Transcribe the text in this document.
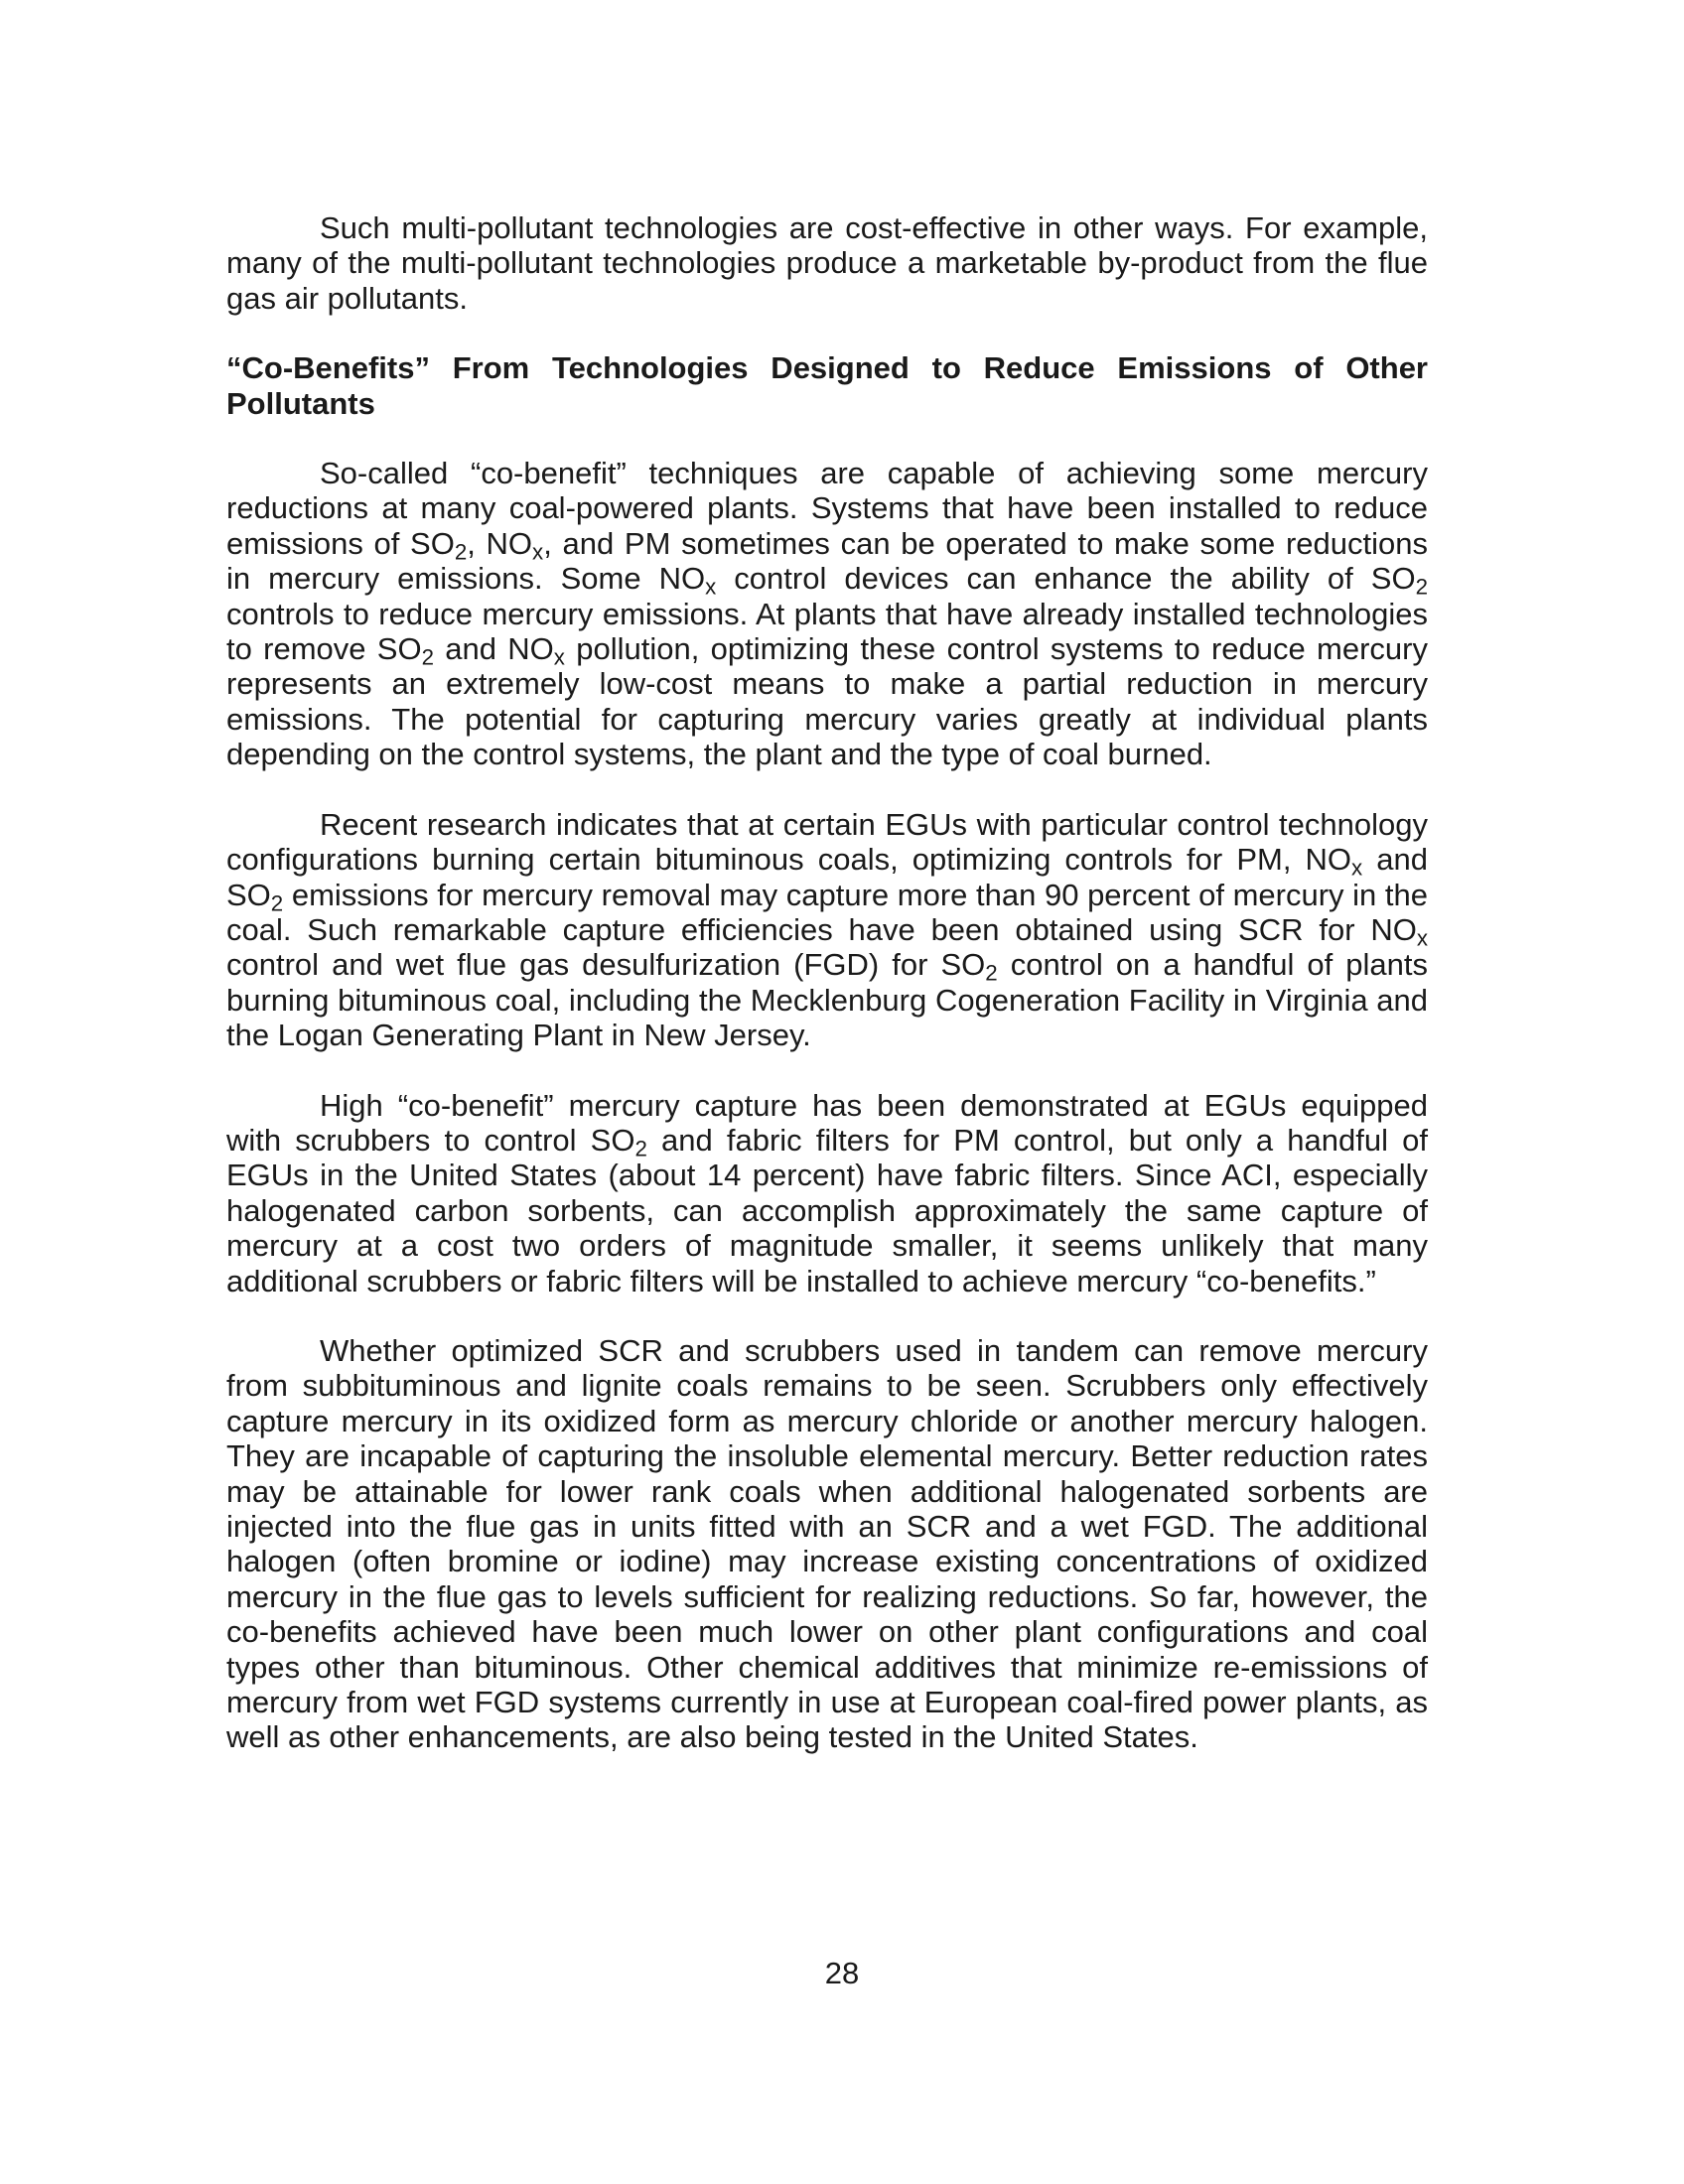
Such multi-pollutant technologies are cost-effective in other ways. For example, many of the multi-pollutant technologies produce a marketable by-product from the flue gas air pollutants.

“Co-Benefits” From Technologies Designed to Reduce Emissions of Other Pollutants

So-called “co-benefit” techniques are capable of achieving some mercury reductions at many coal-powered plants. Systems that have been installed to reduce emissions of $SO_2$, $NO_x$, and PM sometimes can be operated to make some reductions in mercury emissions. Some $NO_x$ control devices can enhance the ability of $SO_2$ controls to reduce mercury emissions. At plants that have already installed technologies to remove $SO_2$ and $NO_x$ pollution, optimizing these control systems to reduce mercury represents an extremely low-cost means to make a partial reduction in mercury emissions. The potential for capturing mercury varies greatly at individual plants depending on the control systems, the plant and the type of coal burned.

Recent research indicates that at certain EGUs with particular control technology configurations burning certain bituminous coals, optimizing controls for PM, $NO_x$ and $SO_2$ emissions for mercury removal may capture more than 90 percent of mercury in the coal. Such remarkable capture efficiencies have been obtained using SCR for $NO_x$ control and wet flue gas desulfurization (FGD) for $SO_2$ control on a handful of plants burning bituminous coal, including the Mecklenburg Cogeneration Facility in Virginia and the Logan Generating Plant in New Jersey.

High “co-benefit” mercury capture has been demonstrated at EGUs equipped with scrubbers to control $SO_2$ and fabric filters for PM control, but only a handful of EGUs in the United States (about 14 percent) have fabric filters. Since ACI, especially halogenated carbon sorbents, can accomplish approximately the same capture of mercury at a cost two orders of magnitude smaller, it seems unlikely that many additional scrubbers or fabric filters will be installed to achieve mercury “co-benefits.”

Whether optimized SCR and scrubbers used in tandem can remove mercury from subbituminous and lignite coals remains to be seen. Scrubbers only effectively capture mercury in its oxidized form as mercury chloride or another mercury halogen. They are incapable of capturing the insoluble elemental mercury. Better reduction rates may be attainable for lower rank coals when additional halogenated sorbents are injected into the flue gas in units fitted with an SCR and a wet FGD. The additional halogen (often bromine or iodine) may increase existing concentrations of oxidized mercury in the flue gas to levels sufficient for realizing reductions. So far, however, the co-benefits achieved have been much lower on other plant configurations and coal types other than bituminous. Other chemical additives that minimize re-emissions of mercury from wet FGD systems currently in use at European coal-fired power plants, as well as other enhancements, are also being tested in the United States.

28
